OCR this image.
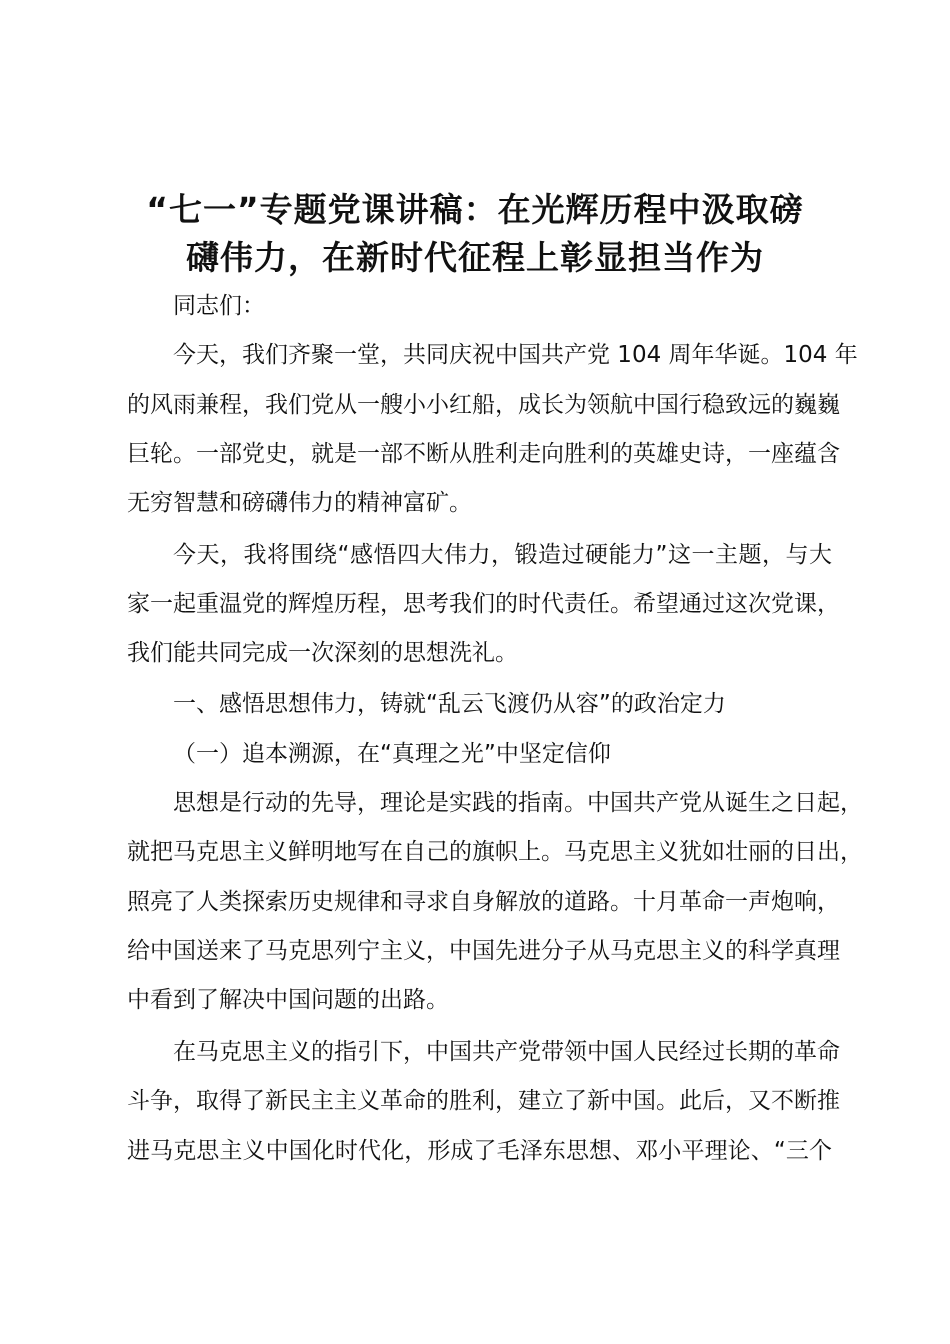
“七一”专题党课讲稿：在光辉历程中汲取磅
礴伟力，在新时代征程上彰显担当作为
同志们：
今天，我们齐聚一堂，共同庆祝中国共产党 104 周年华诞。104 年
的风雨兼程，我们党从一艘小小红船，成长为领航中国行稳致远的巍巍
巨轮。一部党史，就是一部不断从胜利走向胜利的英雄史诗，一座蕴含
无穷智慧和磅礴伟力的精神富矿。
今天，我将围绕“感悟四大伟力，锻造过硬能力”这一主题，与大
家一起重温党的辉煌历程，思考我们的时代责任。希望通过这次党课，
我们能共同完成一次深刻的思想洗礼。
一、感悟思想伟力，铸就“乱云飞渡仍从容”的政治定力
（一）追本溯源，在“真理之光”中坚定信仰
思想是行动的先导，理论是实践的指南。中国共产党从诞生之日起，
就把马克思主义鲜明地写在自己的旗帜上。马克思主义犹如壮丽的日出，
照亮了人类探索历史规律和寻求自身解放的道路。十月革命一声炮响，
给中国送来了马克思列宁主义，中国先进分子从马克思主义的科学真理
中看到了解决中国问题的出路。
在马克思主义的指引下，中国共产党带领中国人民经过长期的革命
斗争，取得了新民主主义革命的胜利，建立了新中国。此后，又不断推
进马克思主义中国化时代化，形成了毛泽东思想、邓小平理论、“三个
